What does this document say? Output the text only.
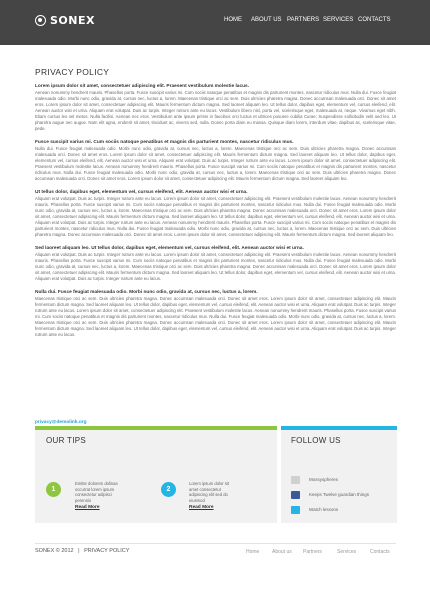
SONEX	HOME ABOUT US PARTNERS SERVICES CONTACTS
PRIVACY POLICY
Lorem ipsum dolor sit amet, consectetuer adipiscing elit. Praesent vestibulum molestie lacus.
Aenean nonummy hendrerit mauris. Phasellus porta. Fusce suscipit varius mi. Cum sociis natoque penatibus et magnis dis parturient montes, nascetur ridiculus mus. Nulla dui. Fusce feugiat malesuada odio. Morbi nunc odio, gravida at, cursus nec, luctus a, lorem. Maecenas tristique orci ac sem. Duis ultricies pharetra magna. Donec accumsan malesuada orci. Donec sit amet eros. Lorem ipsum dolor sit amet, consectetuer adipiscing elit. Mauris fermentum dictum magna. Sed laoreet aliquam leo. Ut tellus dolor, dapibus eget, elementum vel, cursus eleifend, elit. Aenean auctor wisi et urna. Aliquam erat volutpat. Duis ac turpis. Integer rutrum ante eu lacus. Vestibulum libero nisl, porta vel, scelerisque eget, malesuada at, neque. Vivamus eget nibh. Etiam cursus leo vel metus. Nulla facilisi. Aenean nec eros. Vestibulum ante ipsum primis in faucibus orci luctus et ultrices posuere cubilia Curae; Suspendisse sollicitudin velit sed leo. Ut pharetra augue nec augue. Nam elit agna, endrerit sit amet, tincidunt ac, viverra sed, nulla. Donec porta diam eu massa. Quisque diam lorem, interdum vitae, dapibus ac, scelerisque vitae, pede.
Fusce suscipit varius mi. Cum sociis natoque penatibus et magnis dis parturient montes, nascetur ridiculus mus.
Nulla dui. Fusce feugiat malesuada odio. Morbi nunc odio, gravida at, cursus nec, luctus a, lorem. Maecenas tristique orci ac sem. Duis ultricies pharetra magna. Donec accumsan malesuada orci. Donec sit amet eros. Lorem ipsum dolor sit amet, consectetuer adipiscing elit. Mauris fermentum dictum magna. Sed laoreet aliquam leo. Ut tellus dolor, dapibus eget, elementum vel, cursus eleifend, elit. Aenean auctor wisi et urna. Aliquam erat volutpat. Duis ac turpis. Integer rutrum ante eu lacus. Lorem ipsum dolor sit amet, consectetuer adipiscing elit. Praesent vestibulum molestie lacus. Aenean nonummy hendrerit mauris. Phasellus porta. Fusce suscipit varius mi. Cum sociis natoque penatibus et magnis dis parturient montes, nascetur ridiculus mus. Nulla dui. Fusce feugiat malesuada odio. Morbi nunc odio, gravida at, cursus nec, luctus a, lorem. Maecenas tristique orci ac sem. Duis ultricies pharetra magna. Donec accumsan malesuada orci. Donec sit amet eros. Lorem ipsum dolor sit amet, consectetuer adipiscing elit. Mauris fermentum dictum magna. Sed laoreet aliquam leo.
Ut tellus dolor, dapibus eget, elementum vel, cursus eleifend, elit. Aenean auctor wisi et urna.
Aliquam erat volutpat. Duis ac turpis. Integer rutrum ante eu lacus. Lorem ipsum dolor sit amet, consectetuer adipiscing elit. Praesent vestibulum molestie lacus. Aenean nonummy hendrerit mauris. Phasellus porta. Fusce suscipit varius mi. Cum sociis natoque penatibus et magnis dis parturient montes, nascetur ridiculus mus. Nulla dui. Fusce feugiat malesuada odio. Morbi nunc odio, gravida at, cursus nec, luctus a, lorem. Maecenas tristique orci ac sem. Duis ultricies pharetra magna. Donec accumsan malesuada orci. Donec sit amet eros. Lorem ipsum dolor sit amet, consectetuer adipiscing elit. Mauris fermentum dictum magna. Sed laoreet aliquam leo. Ut tellus dolor, dapibus eget, elementum vel, cursus eleifend, elit. Aenean auctor wisi et urna. Aliquam erat volutpat. Duis ac turpis. Integer rutrum ante eu lacus. Aenean nonummy hendrerit mauris. Phasellus porta. Fusce suscipit varius mi. Cum sociis natoque penatibus et magnis dis parturient montes, nascetur ridiculus mus. Nulla dui. Fusce feugiat malesuada odio. Morbi nunc odio, gravida at, cursus nec, luctus a, lorem. Maecenas tristique orci ac sem. Duis ultricies pharetra magna. Donec accumsan malesuada orci. Donec sit amet eros. Lorem ipsum dolor sit amet, consectetuer adipiscing elit. Mauris fermentum dictum magna. Sed laoreet aliquam leo.
Sed laoreet aliquam leo. Ut tellus dolor, dapibus eget, elementum vel, cursus eleifend, elit. Aenean auctor wisi et urna.
Aliquam erat volutpat. Duis ac turpis. Integer rutrum ante eu lacus. Lorem ipsum dolor sit amet, consectetuer adipiscing elit. Praesent vestibulum molestie lacus. Aenean nonummy hendrerit mauris. Phasellus porta. Fusce suscipit varius mi. Cum sociis natoque penatibus et magnis dis parturient montes, nascetur ridiculus mus. Nulla dui. Fusce feugiat malesuada odio. Morbi nunc odio, gravida at, cursus nec, luctus a, lorem. Maecenas tristique orci ac sem. Duis ultricies pharetra magna. Donec accumsan malesuada orci. Donec sit amet eros. Lorem ipsum dolor sit amet, consectetuer adipiscing elit. Mauris fermentum dictum magna. Sed laoreet aliquam leo. Ut tellus dolor, dapibus eget, elementum vel, cursus eleifend, elit. Aenean auctor wisi et urna. Aliquam erat volutpat. Duis ac turpis. Integer rutrum ante eu lacus.
Nulla dui. Fusce feugiat malesuada odio. Morbi nunc odio, gravida at, cursus nec, luctus a, lorem.
Maecenas tristique orci ac sem. Duis ultricies pharetra magna. Donec accumsan malesuada orci. Donec sit amet eros. Lorem ipsum dolor sit amet, consectetuer adipiscing elit. Mauris fermentum dictum magna. Sed laoreet aliquam leo. Ut tellus dolor, dapibus eget, elementum vel, cursus eleifend, elit. Aenean auctor wisi et urna. Aliquam erat volutpat. Duis ac turpis. Integer rutrum ante eu lacus. Lorem ipsum dolor sit amet, consectetuer adipiscing elit. Praesent vestibulum molestie lacus. Aenean nonummy hendrerit mauris. Phasellus porta. Fusce suscipit varius mi. Cum sociis natoque penatibus et magnis dis parturient montes, nascetur ridiculus mus. Nulla dui. Fusce feugiat malesuada odio. Morbi nunc odio, gravida at, cursus nec, luctus a, lorem. Maecenas tristique orci ac sem. Duis ultricies pharetra magna. Donec accumsan malesuada orci. Donec sit amet eros. Lorem ipsum dolor sit amet, consectetuer adipiscing elit. Mauris fermentum dictum magna. Sed laoreet aliquam leo. Ut tellus dolor, dapibus eget, elementum vel, cursus eleifend, elit. Aenean auctor wisi et urna. Aliquam erat volutpat. Duis ac turpis. Integer rutrum ante eu lacus.
privacy@demolink.org
OUR TIPS
1
Emitte dolorem dolinae occurrat lorem ipsum consectetur adipisci perennis
Read More
2
Lorem ipsum dolor sit amet consectetur adipiscing elit sed do eiusmod
Read More
FOLLOW US
Mossyspheres
Keeps Twelve guardian things
Watch lessons
SONEX © 2012 | PRIVACY POLICY	Home	About us Partners	Services	Contacts
